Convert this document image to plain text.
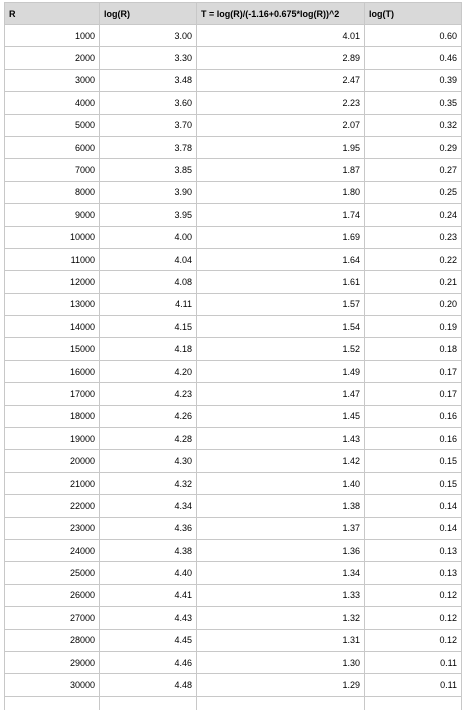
R	log(R)	T = log(R)/(-1.16+0.675*log(R))^2	log(T)
1000	3.00	4.01	0.60
2000	3.30	2.89	0.46
3000	3.48	2.47	0.39
4000	3.60	2.23	0.35
5000	3.70	2.07	0.32
6000	3.78	1.95	0.29
7000	3.85	1.87	0.27
8000	3.90	1.80	0.25
9000	3.95	1.74	0.24
10000	4.00	1.69	0.23
11000	4.04	1.64	0.22
12000	4.08	1.61	0.21
13000	4.11	1.57	0.20
14000	4.15	1.54	0.19
15000	4.18	1.52	0.18
16000	4.20	1.49	0.17
17000	4.23	1.47	0.17
18000	4.26	1.45	0.16
19000	4.28	1.43	0.16
20000	4.30	1.42	0.15
21000	4.32	1.40	0.15
22000	4.34	1.38	0.14
23000	4.36	1.37	0.14
24000	4.38	1.36	0.13
25000	4.40	1.34	0.13
26000	4.41	1.33	0.12
27000	4.43	1.32	0.12
28000	4.45	1.31	0.12
29000	4.46	1.30	0.11
30000	4.48	1.29	0.11
